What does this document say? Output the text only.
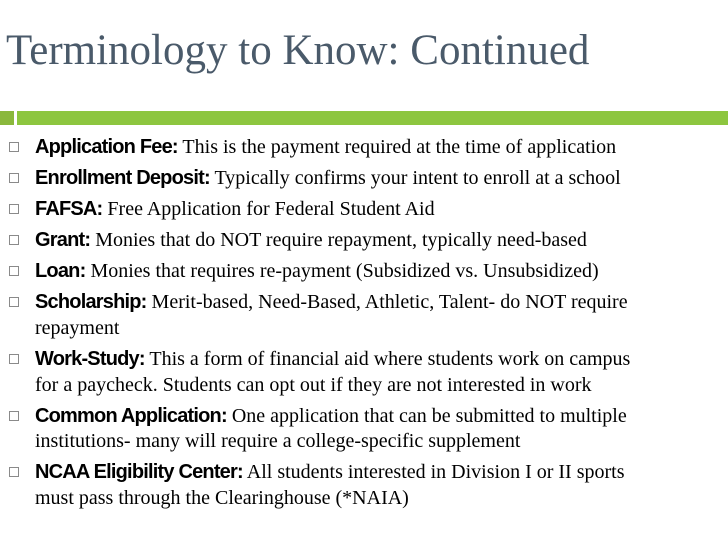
Terminology to Know: Continued
Application Fee: This is the payment required at the time of application
Enrollment Deposit: Typically confirms your intent to enroll at a school
FAFSA: Free Application for Federal Student Aid
Grant: Monies that do NOT require repayment, typically need-based
Loan: Monies that requires re-payment (Subsidized vs. Unsubsidized)
Scholarship: Merit-based, Need-Based, Athletic, Talent- do NOT require
repayment
Work-Study: This a form of financial aid where students work on campus
for a paycheck. Students can opt out if they are not interested in work
Common Application: One application that can be submitted to multiple
institutions- many will require a college-specific supplement
NCAA Eligibility Center: All students interested in Division I or II sports
must pass through the Clearinghouse (*NAIA)
